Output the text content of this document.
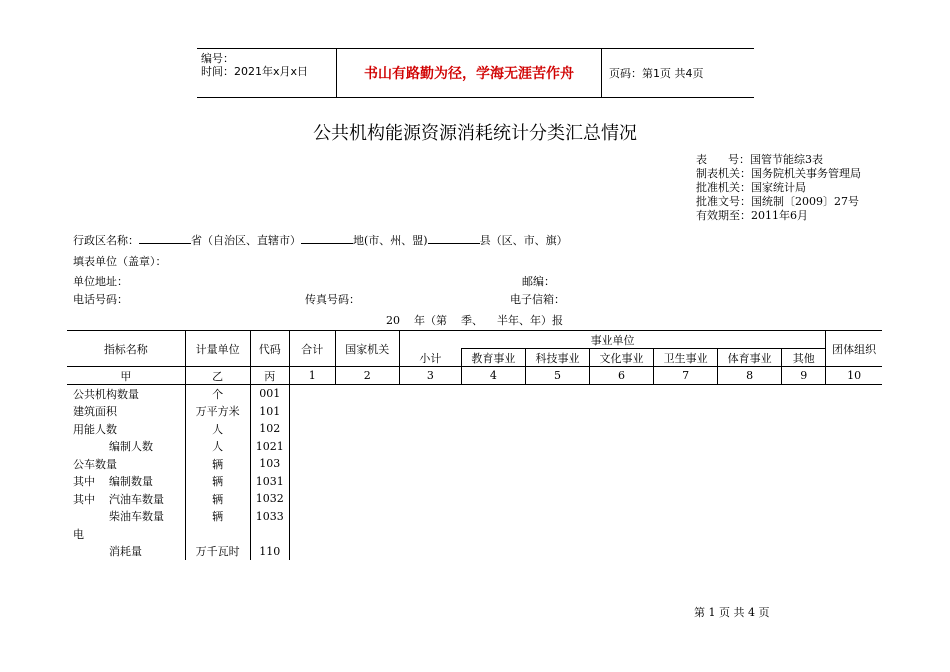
编号：
时间：2021年x月x日	书山有路勤为径，学海无涯苦作舟	页码：第1页 共4页
公共机构能源资源消耗统计分类汇总情况
表      号：国管节能综3表
制表机关：国务院机关事务管理局
批准机关：国家统计局
批准文号：国统制〔2009〕27号
有效期至：2011年6月
行政区名称：	省（自治区、直辖市）	地(市、州、盟)	县（区、市、旗）
填表单位（盖章）：
单位地址：	邮编：
电话号码：	传真号码：	电子信箱：
20    年（第    季、    半年、年）报
指标名称	计量单位	代码	合计	国家机关	事业单位							团体组织
					小计	教育事业	科技事业	文化事业	卫生事业	体育事业	其他	
甲	乙	丙	1	2	3	4	5	6	7	8	9	10
公共机构数量	个	001										
建筑面积	万平方米	101										
用能人数	人	102										
编制人数	人	1021										
公车数量	辆	103										
其中    编制数量	辆	1031										
其中    汽油车数量	辆	1032										
柴油车数量	辆	1033										
电												
消耗量	万千瓦时	110										
第 1 页 共 4 页
